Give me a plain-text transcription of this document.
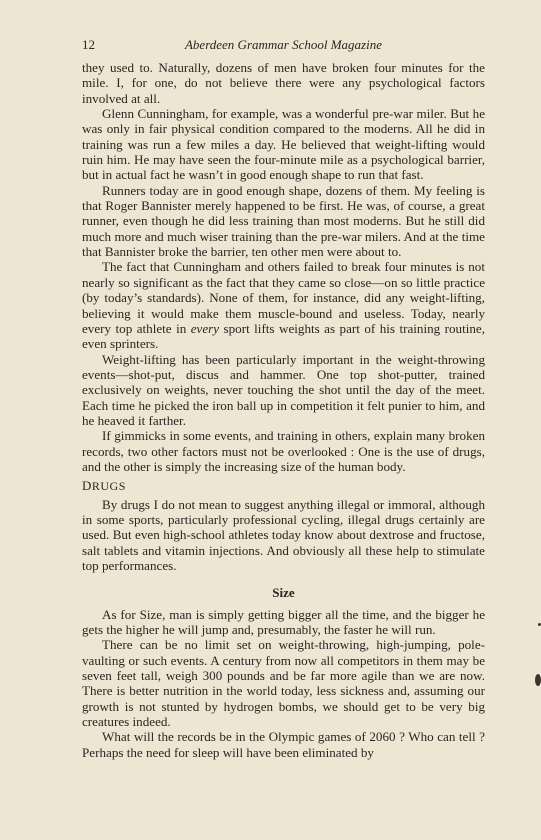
12	Aberdeen Grammar School Magazine

they used to. Naturally, dozens of men have broken four minutes for the mile. I, for one, do not believe there were any psychological factors involved at all.

Glenn Cunningham, for example, was a wonderful pre-war miler. But he was only in fair physical condition compared to the moderns. All he did in training was run a few miles a day. He believed that weight-lifting would ruin him. He may have seen the four-minute mile as a psychological barrier, but in actual fact he wasn’t in good enough shape to run that fast.

Runners today are in good enough shape, dozens of them. My feeling is that Roger Bannister merely happened to be first. He was, of course, a great runner, even though he did less training than most moderns. But he still did much more and much wiser training than the pre-war milers. And at the time that Bannister broke the barrier, ten other men were about to.

The fact that Cunningham and others failed to break four minutes is not nearly so significant as the fact that they came so close—on so little practice (by today’s standards). None of them, for instance, did any weight-lifting, believing it would make them muscle-bound and useless. Today, nearly every top athlete in every sport lifts weights as part of his training routine, even sprinters.

Weight-lifting has been particularly important in the weight-throwing events—shot-put, discus and hammer. One top shot-putter, trained exclusively on weights, never touching the shot until the day of the meet. Each time he picked the iron ball up in competition it felt punier to him, and he heaved it farther.

If gimmicks in some events, and training in others, explain many broken records, two other factors must not be overlooked : One is the use of drugs, and the other is simply the increasing size of the human body.

DRUGS

By drugs I do not mean to suggest anything illegal or immoral, although in some sports, particularly professional cycling, illegal drugs certainly are used. But even high-school athletes today know about dextrose and fructose, salt tablets and vitamin injections. And obviously all these help to stimulate top performances.

Size

As for Size, man is simply getting bigger all the time, and the bigger he gets the higher he will jump and, presumably, the faster he will run.

There can be no limit set on weight-throwing, high-jumping, pole-vaulting or such events. A century from now all competitors in them may be seven feet tall, weigh 300 pounds and be far more agile than we are now. There is better nutrition in the world today, less sickness and, assuming our growth is not stunted by hydrogen bombs, we should get to be very big creatures indeed.

What will the records be in the Olympic games of 2060 ? Who can tell ? Perhaps the need for sleep will have been eliminated by
